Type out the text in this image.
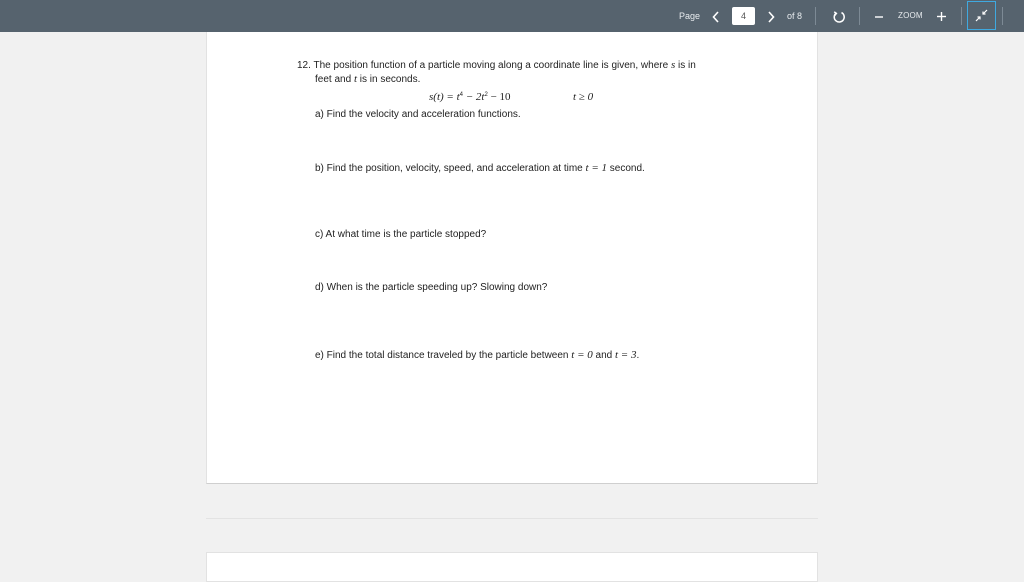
Page
4	of 8	ZOOM
12. The position function of a particle moving along a coordinate line is given, where s is in
feet and t is in seconds.
$s(t) = t^4 - 2t^2 - 10$	t ≥ 0
a) Find the velocity and acceleration functions.
b) Find the position, velocity, speed, and acceleration at time t = 1 second.
c) At what time is the particle stopped?
d) When is the particle speeding up? Slowing down?
e) Find the total distance traveled by the particle between t = 0 and t = 3.
